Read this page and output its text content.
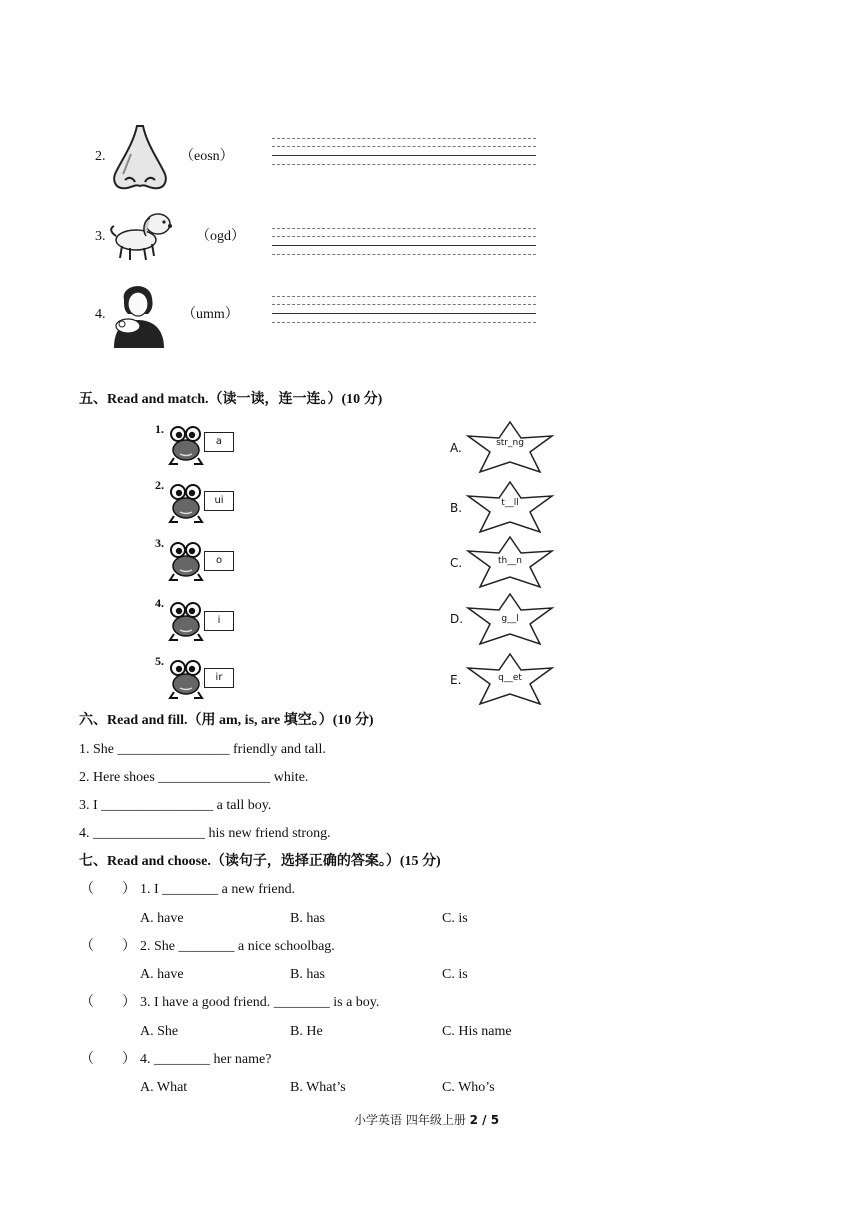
2.	（eosn）
3.	（ogd）
4.	（umm）
五、Read and match.（读一读，连一连。）(10 分)
1.
a
2.
ui
3.
o
4.
i
5.
ir
A.	str_ng
B.	t__ll
C.	th__n
D.	g__l
E.	q__et
六、Read and fill.（用 am, is, are 填空。）(10 分)
1. She ________________ friendly and tall.
2. Here shoes ________________ white.
3. I ________________ a tall boy.
4. ________________ his new friend strong.
七、Read and choose.（读句子，选择正确的答案。）(15 分)
（　　） 1. I ________ a new friend.
A. have	B. has	C. is
（　　） 2. She ________ a nice schoolbag.
A. have	B. has	C. is
（　　） 3. I have a good friend. ________ is a boy.
A. She	B. He	C. His name
（　　） 4. ________ her name?
A. What	B. What’s	C. Who’s
小学英语 四年级上册 2 / 5
